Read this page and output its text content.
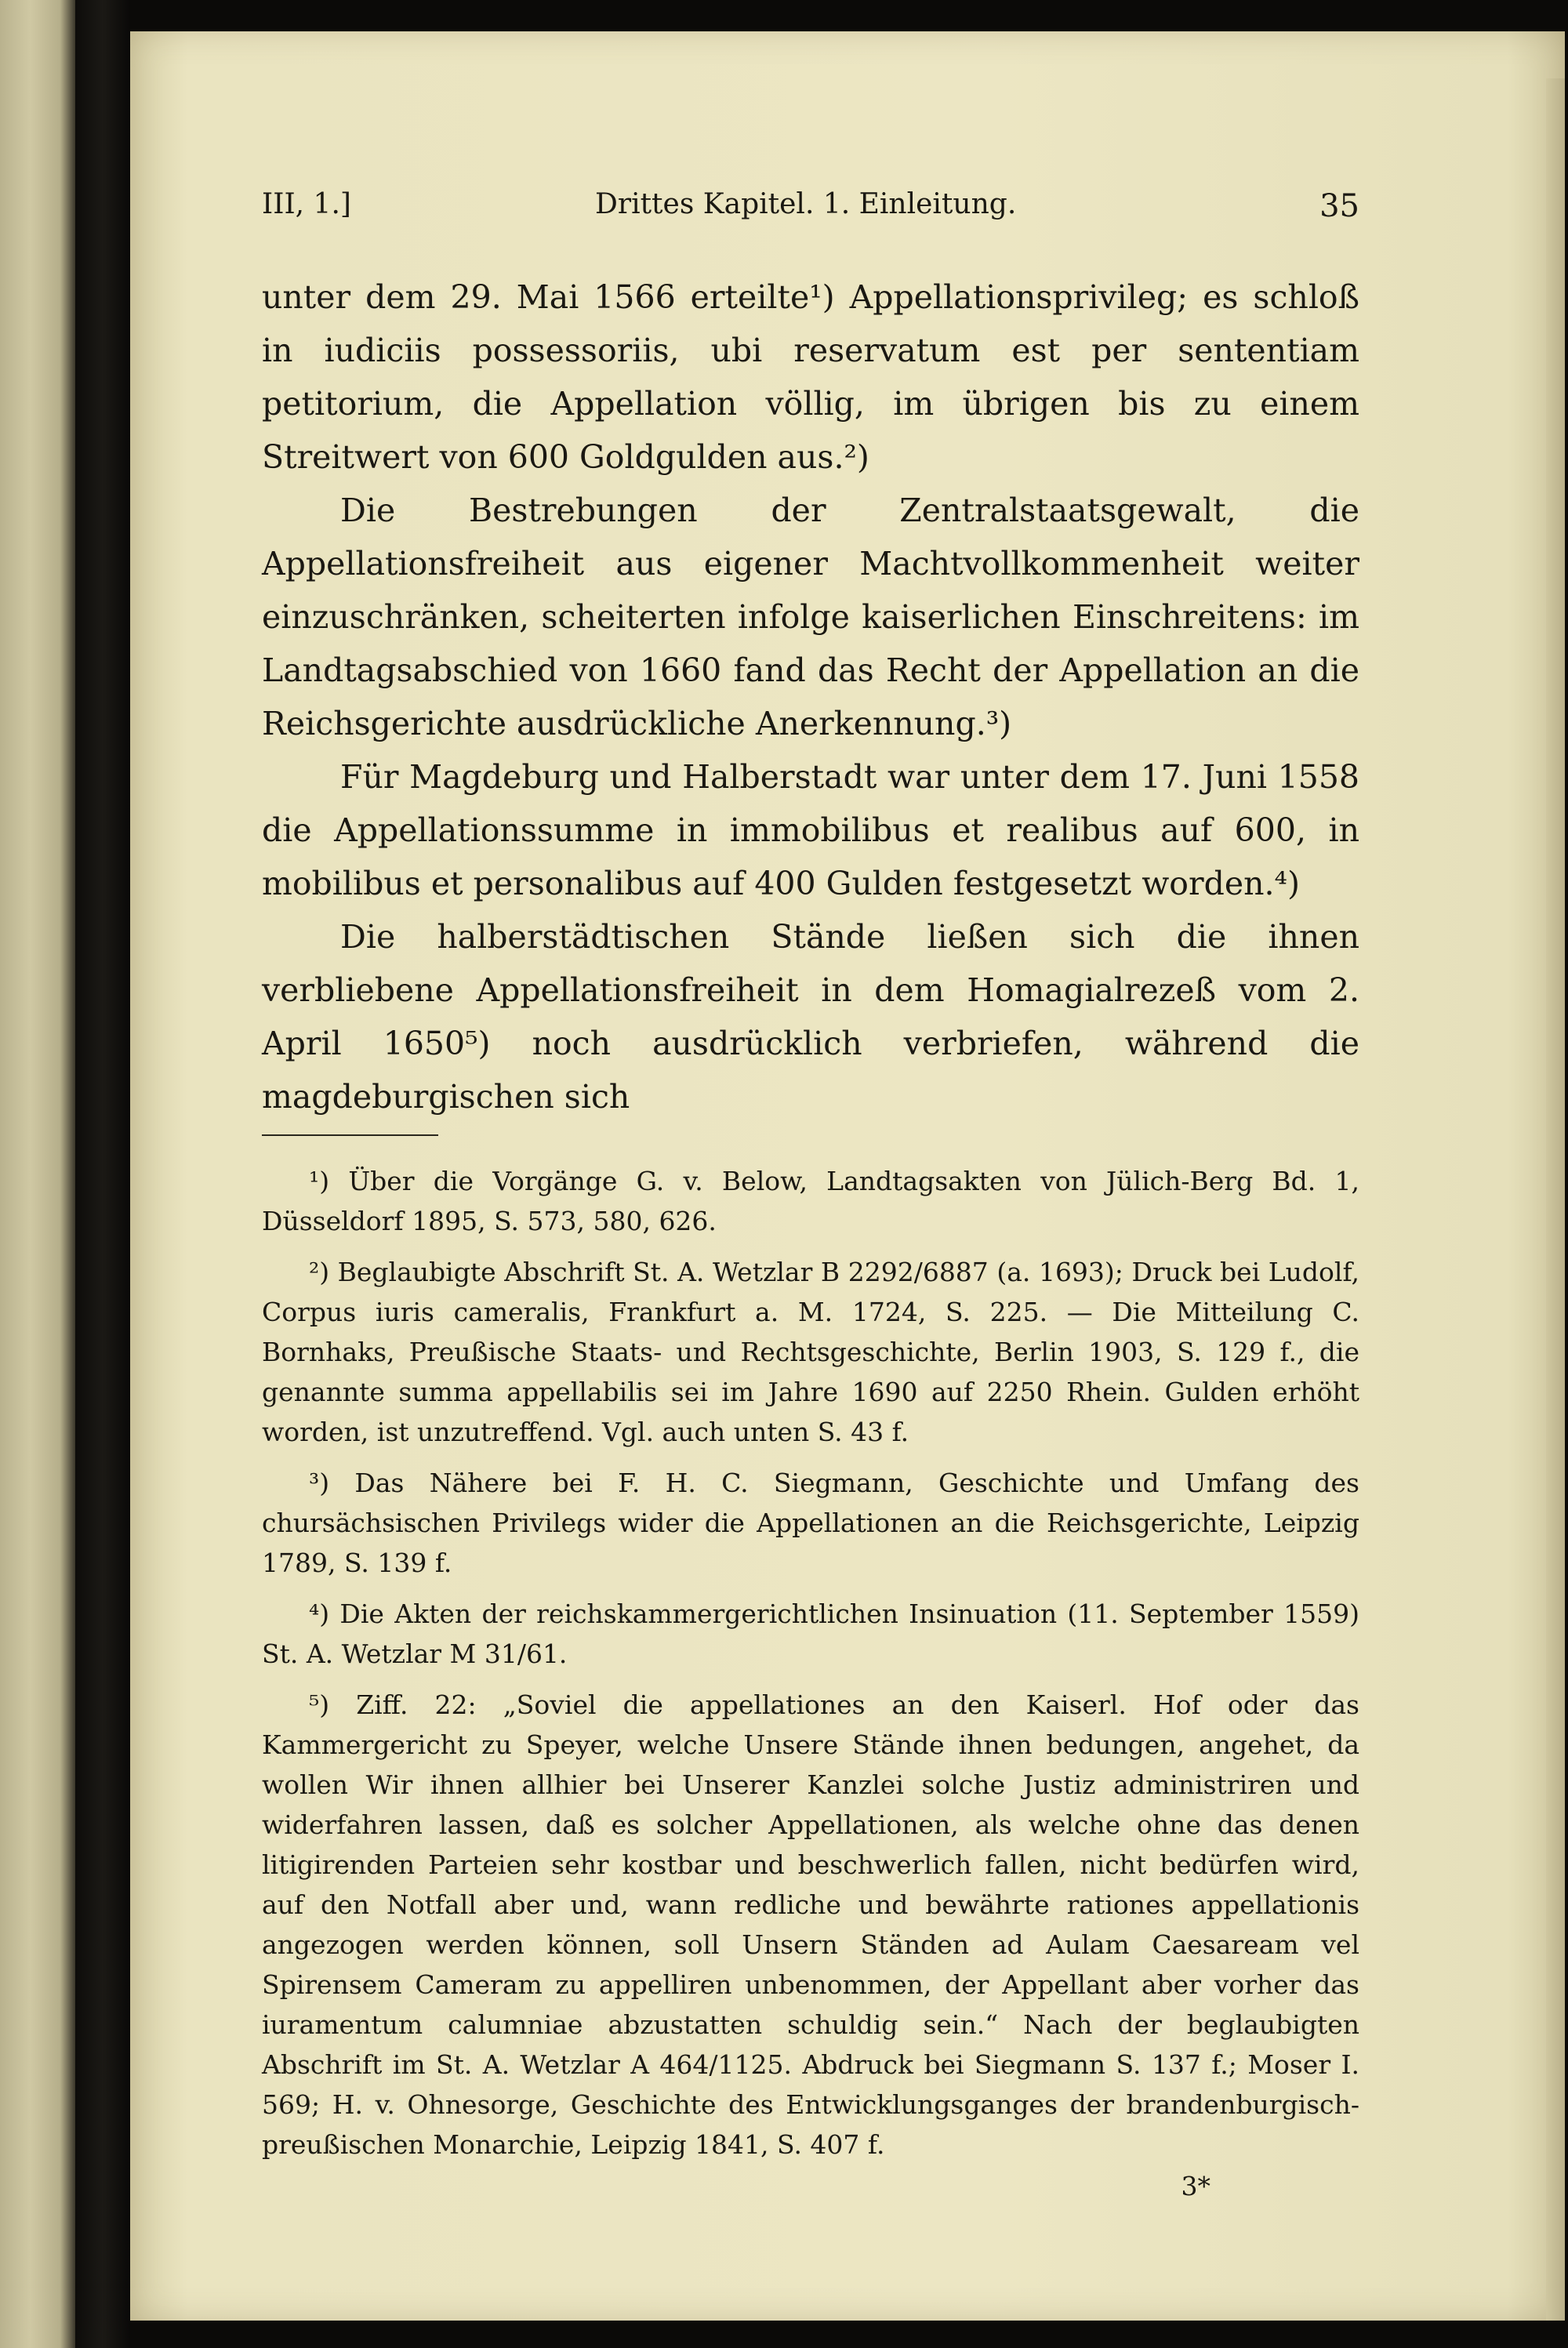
III, 1.]	Drittes Kapitel. 1. Einleitung.	35

unter dem 29. Mai 1566 erteilte¹) Appellationsprivileg; es schloß in iudiciis possessoriis, ubi reservatum est per sententiam petitorium, die Appellation völlig, im übrigen bis zu einem Streitwert von 600 Goldgulden aus.²)

Die Bestrebungen der Zentralstaatsgewalt, die Appellationsfreiheit aus eigener Machtvollkommenheit weiter einzuschränken, scheiterten infolge kaiserlichen Einschreitens: im Landtagsabschied von 1660 fand das Recht der Appellation an die Reichsgerichte ausdrückliche Anerkennung.³)

Für Magdeburg und Halberstadt war unter dem 17. Juni 1558 die Appellationssumme in immobilibus et realibus auf 600, in mobilibus et personalibus auf 400 Gulden festgesetzt worden.⁴)

Die halberstädtischen Stände ließen sich die ihnen verbliebene Appellationsfreiheit in dem Homagialrezeß vom 2. April 1650⁵) noch ausdrücklich verbriefen, während die magdeburgischen sich

¹) Über die Vorgänge G. v. Below, Landtagsakten von Jülich-Berg Bd. 1, Düsseldorf 1895, S. 573, 580, 626.

²) Beglaubigte Abschrift St. A. Wetzlar B 2292/6887 (a. 1693); Druck bei Ludolf, Corpus iuris cameralis, Frankfurt a. M. 1724, S. 225. — Die Mitteilung C. Bornhaks, Preußische Staats- und Rechtsgeschichte, Berlin 1903, S. 129 f., die genannte summa appellabilis sei im Jahre 1690 auf 2250 Rhein. Gulden erhöht worden, ist unzutreffend. Vgl. auch unten S. 43 f.

³) Das Nähere bei F. H. C. Siegmann, Geschichte und Umfang des chursächsischen Privilegs wider die Appellationen an die Reichsgerichte, Leipzig 1789, S. 139 f.

⁴) Die Akten der reichskammergerichtlichen Insinuation (11. September 1559) St. A. Wetzlar M 31/61.

⁵) Ziff. 22: „Soviel die appellationes an den Kaiserl. Hof oder das Kammergericht zu Speyer, welche Unsere Stände ihnen bedungen, angehet, da wollen Wir ihnen allhier bei Unserer Kanzlei solche Justiz administriren und widerfahren lassen, daß es solcher Appellationen, als welche ohne das denen litigirenden Parteien sehr kostbar und beschwerlich fallen, nicht bedürfen wird, auf den Notfall aber und, wann redliche und bewährte rationes appellationis angezogen werden können, soll Unsern Ständen ad Aulam Caesaream vel Spirensem Cameram zu appelliren unbenommen, der Appellant aber vorher das iuramentum calumniae abzustatten schuldig sein.“ Nach der beglaubigten Abschrift im St. A. Wetzlar A 464/1125. Abdruck bei Siegmann S. 137 f.; Moser I. 569; H. v. Ohnesorge, Geschichte des Entwicklungsganges der brandenburgisch-preußischen Monarchie, Leipzig 1841, S. 407 f.

3*
